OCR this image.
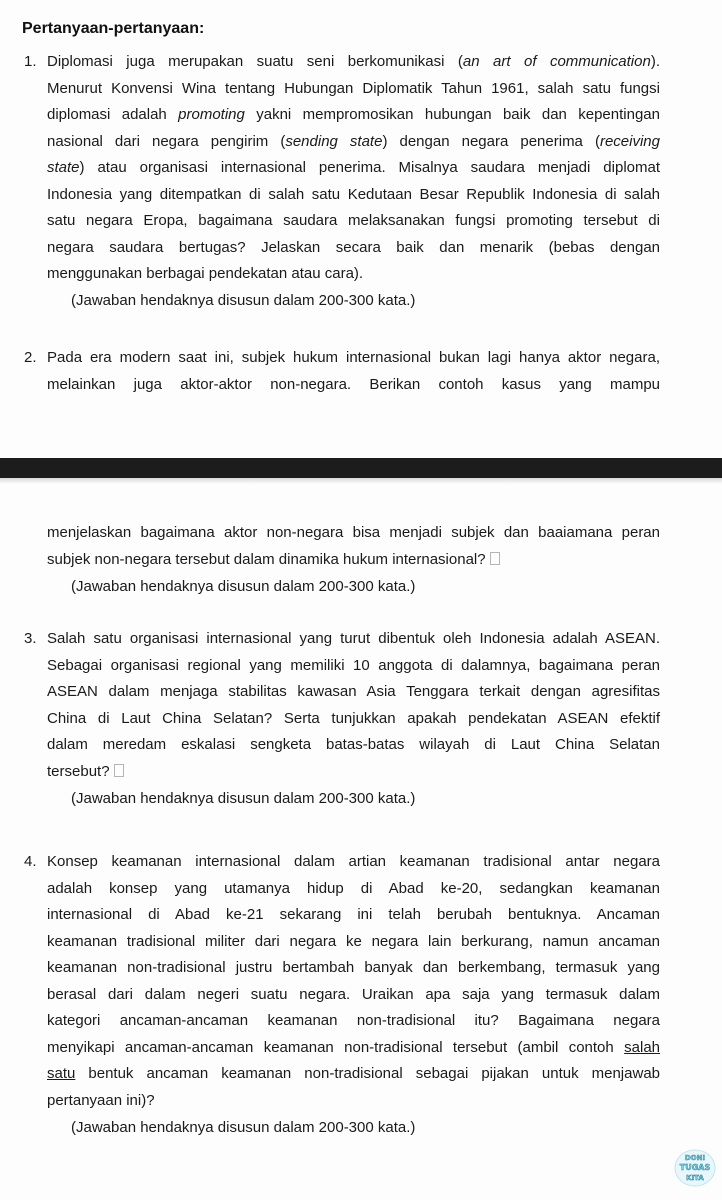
Pertanyaan-pertanyaan:
1. Diplomasi juga merupakan suatu seni berkomunikasi (an art of communication).
Menurut Konvensi Wina tentang Hubungan Diplomatik Tahun 1961, salah satu fungsi
diplomasi adalah promoting yakni mempromosikan hubungan baik dan kepentingan
nasional dari negara pengirim (sending state) dengan negara penerima (receiving
state) atau organisasi internasional penerima. Misalnya saudara menjadi diplomat
Indonesia yang ditempatkan di salah satu Kedutaan Besar Republik Indonesia di salah
satu negara Eropa, bagaimana saudara melaksanakan fungsi promoting tersebut di
negara saudara bertugas? Jelaskan secara baik dan menarik (bebas dengan
menggunakan berbagai pendekatan atau cara).
(Jawaban hendaknya disusun dalam 200-300 kata.)
2. Pada era modern saat ini, subjek hukum internasional bukan lagi hanya aktor negara,
melainkan juga aktor-aktor non-negara. Berikan contoh kasus yang mampu
menjelaskan bagaimana aktor non-negara bisa menjadi subjek dan baaiamana peran
subjek non-negara tersebut dalam dinamika hukum internasional?
(Jawaban hendaknya disusun dalam 200-300 kata.)
3. Salah satu organisasi internasional yang turut dibentuk oleh Indonesia adalah ASEAN.
Sebagai organisasi regional yang memiliki 10 anggota di dalamnya, bagaimana peran
ASEAN dalam menjaga stabilitas kawasan Asia Tenggara terkait dengan agresifitas
China di Laut China Selatan? Serta tunjukkan apakah pendekatan ASEAN efektif
dalam meredam eskalasi sengketa batas-batas wilayah di Laut China Selatan
tersebut?
(Jawaban hendaknya disusun dalam 200-300 kata.)
4. Konsep keamanan internasional dalam artian keamanan tradisional antar negara
adalah konsep yang utamanya hidup di Abad ke-20, sedangkan keamanan
internasional di Abad ke-21 sekarang ini telah berubah bentuknya. Ancaman
keamanan tradisional militer dari negara ke negara lain berkurang, namun ancaman
keamanan non-tradisional justru bertambah banyak dan berkembang, termasuk yang
berasal dari dalam negeri suatu negara. Uraikan apa saja yang termasuk dalam
kategori ancaman-ancaman keamanan non-tradisional itu? Bagaimana negara
menyikapi ancaman-ancaman keamanan non-tradisional tersebut (ambil contoh salah
satu bentuk ancaman keamanan non-tradisional sebagai pijakan untuk menjawab
pertanyaan ini)?
(Jawaban hendaknya disusun dalam 200-300 kata.)
DONI
TUGAS
KITA
